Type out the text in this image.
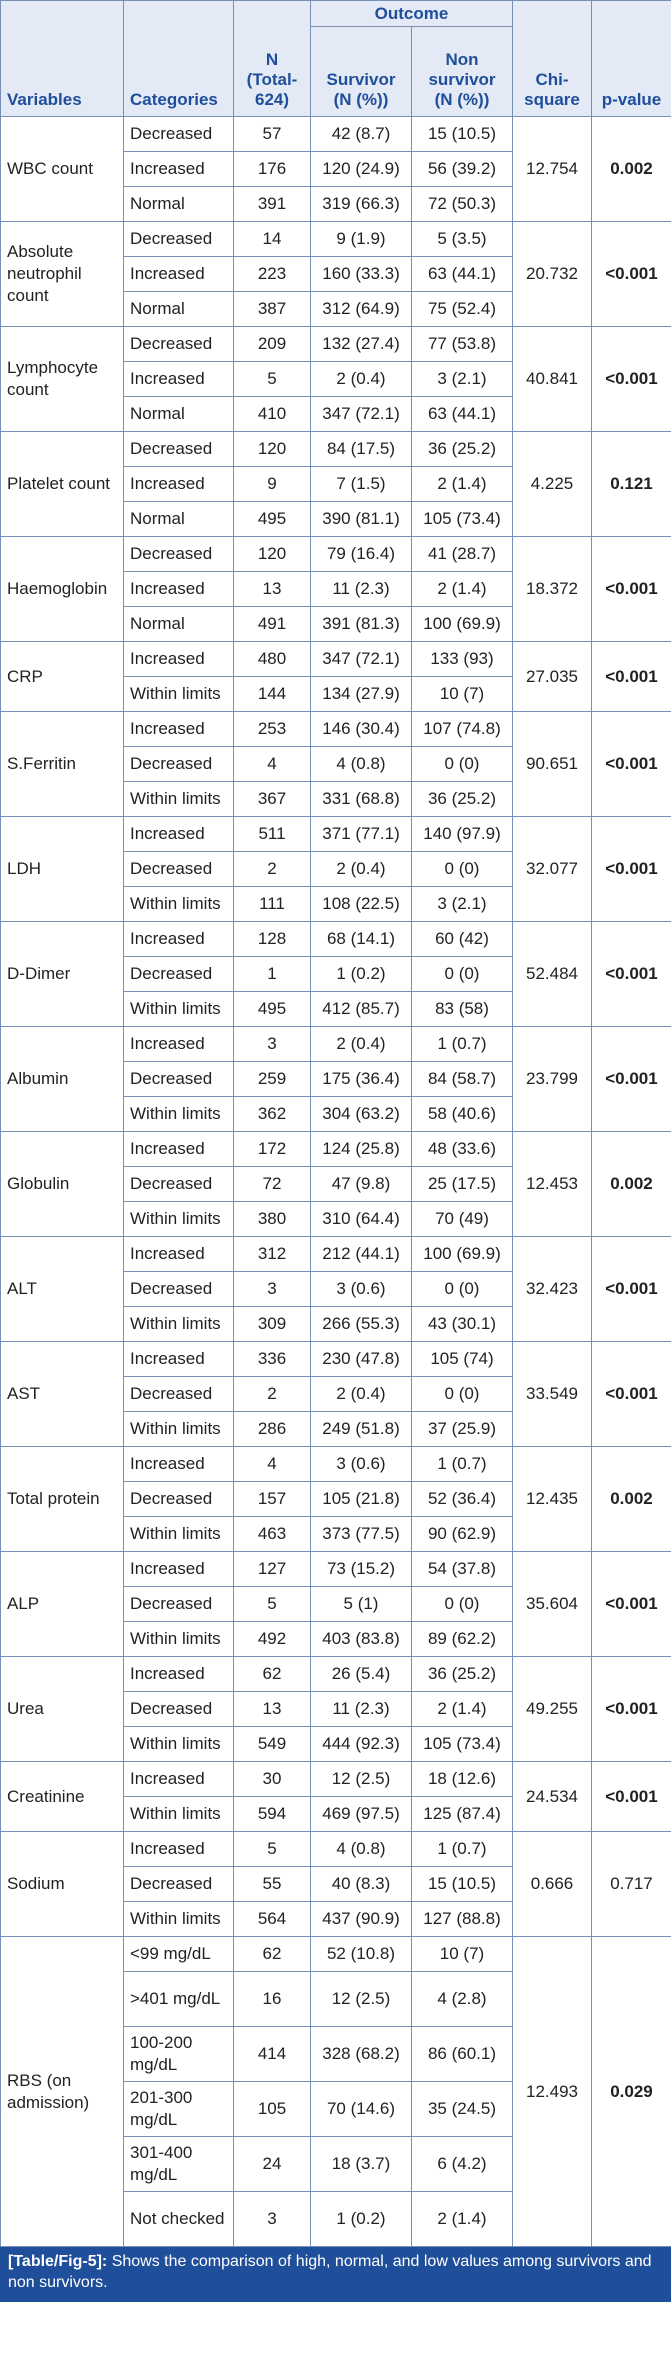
Variables	Categories	N (Total-624)	Outcome		Chi-square	p-value
			Survivor (N (%))	Non survivor (N (%))		
WBC count	Decreased	57	42 (8.7)	15 (10.5)	12.754	0.002
	Increased	176	120 (24.9)	56 (39.2)		
	Normal	391	319 (66.3)	72 (50.3)		
Absolute neutrophil count	Decreased	14	9 (1.9)	5 (3.5)	20.732	<0.001
	Increased	223	160 (33.3)	63 (44.1)		
	Normal	387	312 (64.9)	75 (52.4)		
Lymphocyte count	Decreased	209	132 (27.4)	77 (53.8)	40.841	<0.001
	Increased	5	2 (0.4)	3 (2.1)		
	Normal	410	347 (72.1)	63 (44.1)		
Platelet count	Decreased	120	84 (17.5)	36 (25.2)	4.225	0.121
	Increased	9	7 (1.5)	2 (1.4)		
	Normal	495	390 (81.1)	105 (73.4)		
Haemoglobin	Decreased	120	79 (16.4)	41 (28.7)	18.372	<0.001
	Increased	13	11 (2.3)	2 (1.4)		
	Normal	491	391 (81.3)	100 (69.9)		
CRP	Increased	480	347 (72.1)	133 (93)	27.035	<0.001
	Within limits	144	134 (27.9)	10 (7)		
S.Ferritin	Increased	253	146 (30.4)	107 (74.8)	90.651	<0.001
	Decreased	4	4 (0.8)	0 (0)		
	Within limits	367	331 (68.8)	36 (25.2)		
LDH	Increased	511	371 (77.1)	140 (97.9)	32.077	<0.001
	Decreased	2	2 (0.4)	0 (0)		
	Within limits	111	108 (22.5)	3 (2.1)		
D-Dimer	Increased	128	68 (14.1)	60 (42)	52.484	<0.001
	Decreased	1	1 (0.2)	0 (0)		
	Within limits	495	412 (85.7)	83 (58)		
Albumin	Increased	3	2 (0.4)	1 (0.7)	23.799	<0.001
	Decreased	259	175 (36.4)	84 (58.7)		
	Within limits	362	304 (63.2)	58 (40.6)		
Globulin	Increased	172	124 (25.8)	48 (33.6)	12.453	0.002
	Decreased	72	47 (9.8)	25 (17.5)		
	Within limits	380	310 (64.4)	70 (49)		
ALT	Increased	312	212 (44.1)	100 (69.9)	32.423	<0.001
	Decreased	3	3 (0.6)	0 (0)		
	Within limits	309	266 (55.3)	43 (30.1)		
AST	Increased	336	230 (47.8)	105 (74)	33.549	<0.001
	Decreased	2	2 (0.4)	0 (0)		
	Within limits	286	249 (51.8)	37 (25.9)		
Total protein	Increased	4	3 (0.6)	1 (0.7)	12.435	0.002
	Decreased	157	105 (21.8)	52 (36.4)		
	Within limits	463	373 (77.5)	90 (62.9)		
ALP	Increased	127	73 (15.2)	54 (37.8)	35.604	<0.001
	Decreased	5	5 (1)	0 (0)		
	Within limits	492	403 (83.8)	89 (62.2)		
Urea	Increased	62	26 (5.4)	36 (25.2)	49.255	<0.001
	Decreased	13	11 (2.3)	2 (1.4)		
	Within limits	549	444 (92.3)	105 (73.4)		
Creatinine	Increased	30	12 (2.5)	18 (12.6)	24.534	<0.001
	Within limits	594	469 (97.5)	125 (87.4)		
Sodium	Increased	5	4 (0.8)	1 (0.7)	0.666	0.717
	Decreased	55	40 (8.3)	15 (10.5)		
	Within limits	564	437 (90.9)	127 (88.8)		
RBS (on admission)	<99 mg/dL	62	52 (10.8)	10 (7)	12.493	0.029
	>401 mg/dL	16	12 (2.5)	4 (2.8)		
	100-200 mg/dL	414	328 (68.2)	86 (60.1)		
	201-300 mg/dL	105	70 (14.6)	35 (24.5)		
	301-400 mg/dL	24	18 (3.7)	6 (4.2)		
	Not checked	3	1 (0.2)	2 (1.4)		
[Table/Fig-5]: Shows the comparison of high, normal, and low values among survivors and non survivors.
